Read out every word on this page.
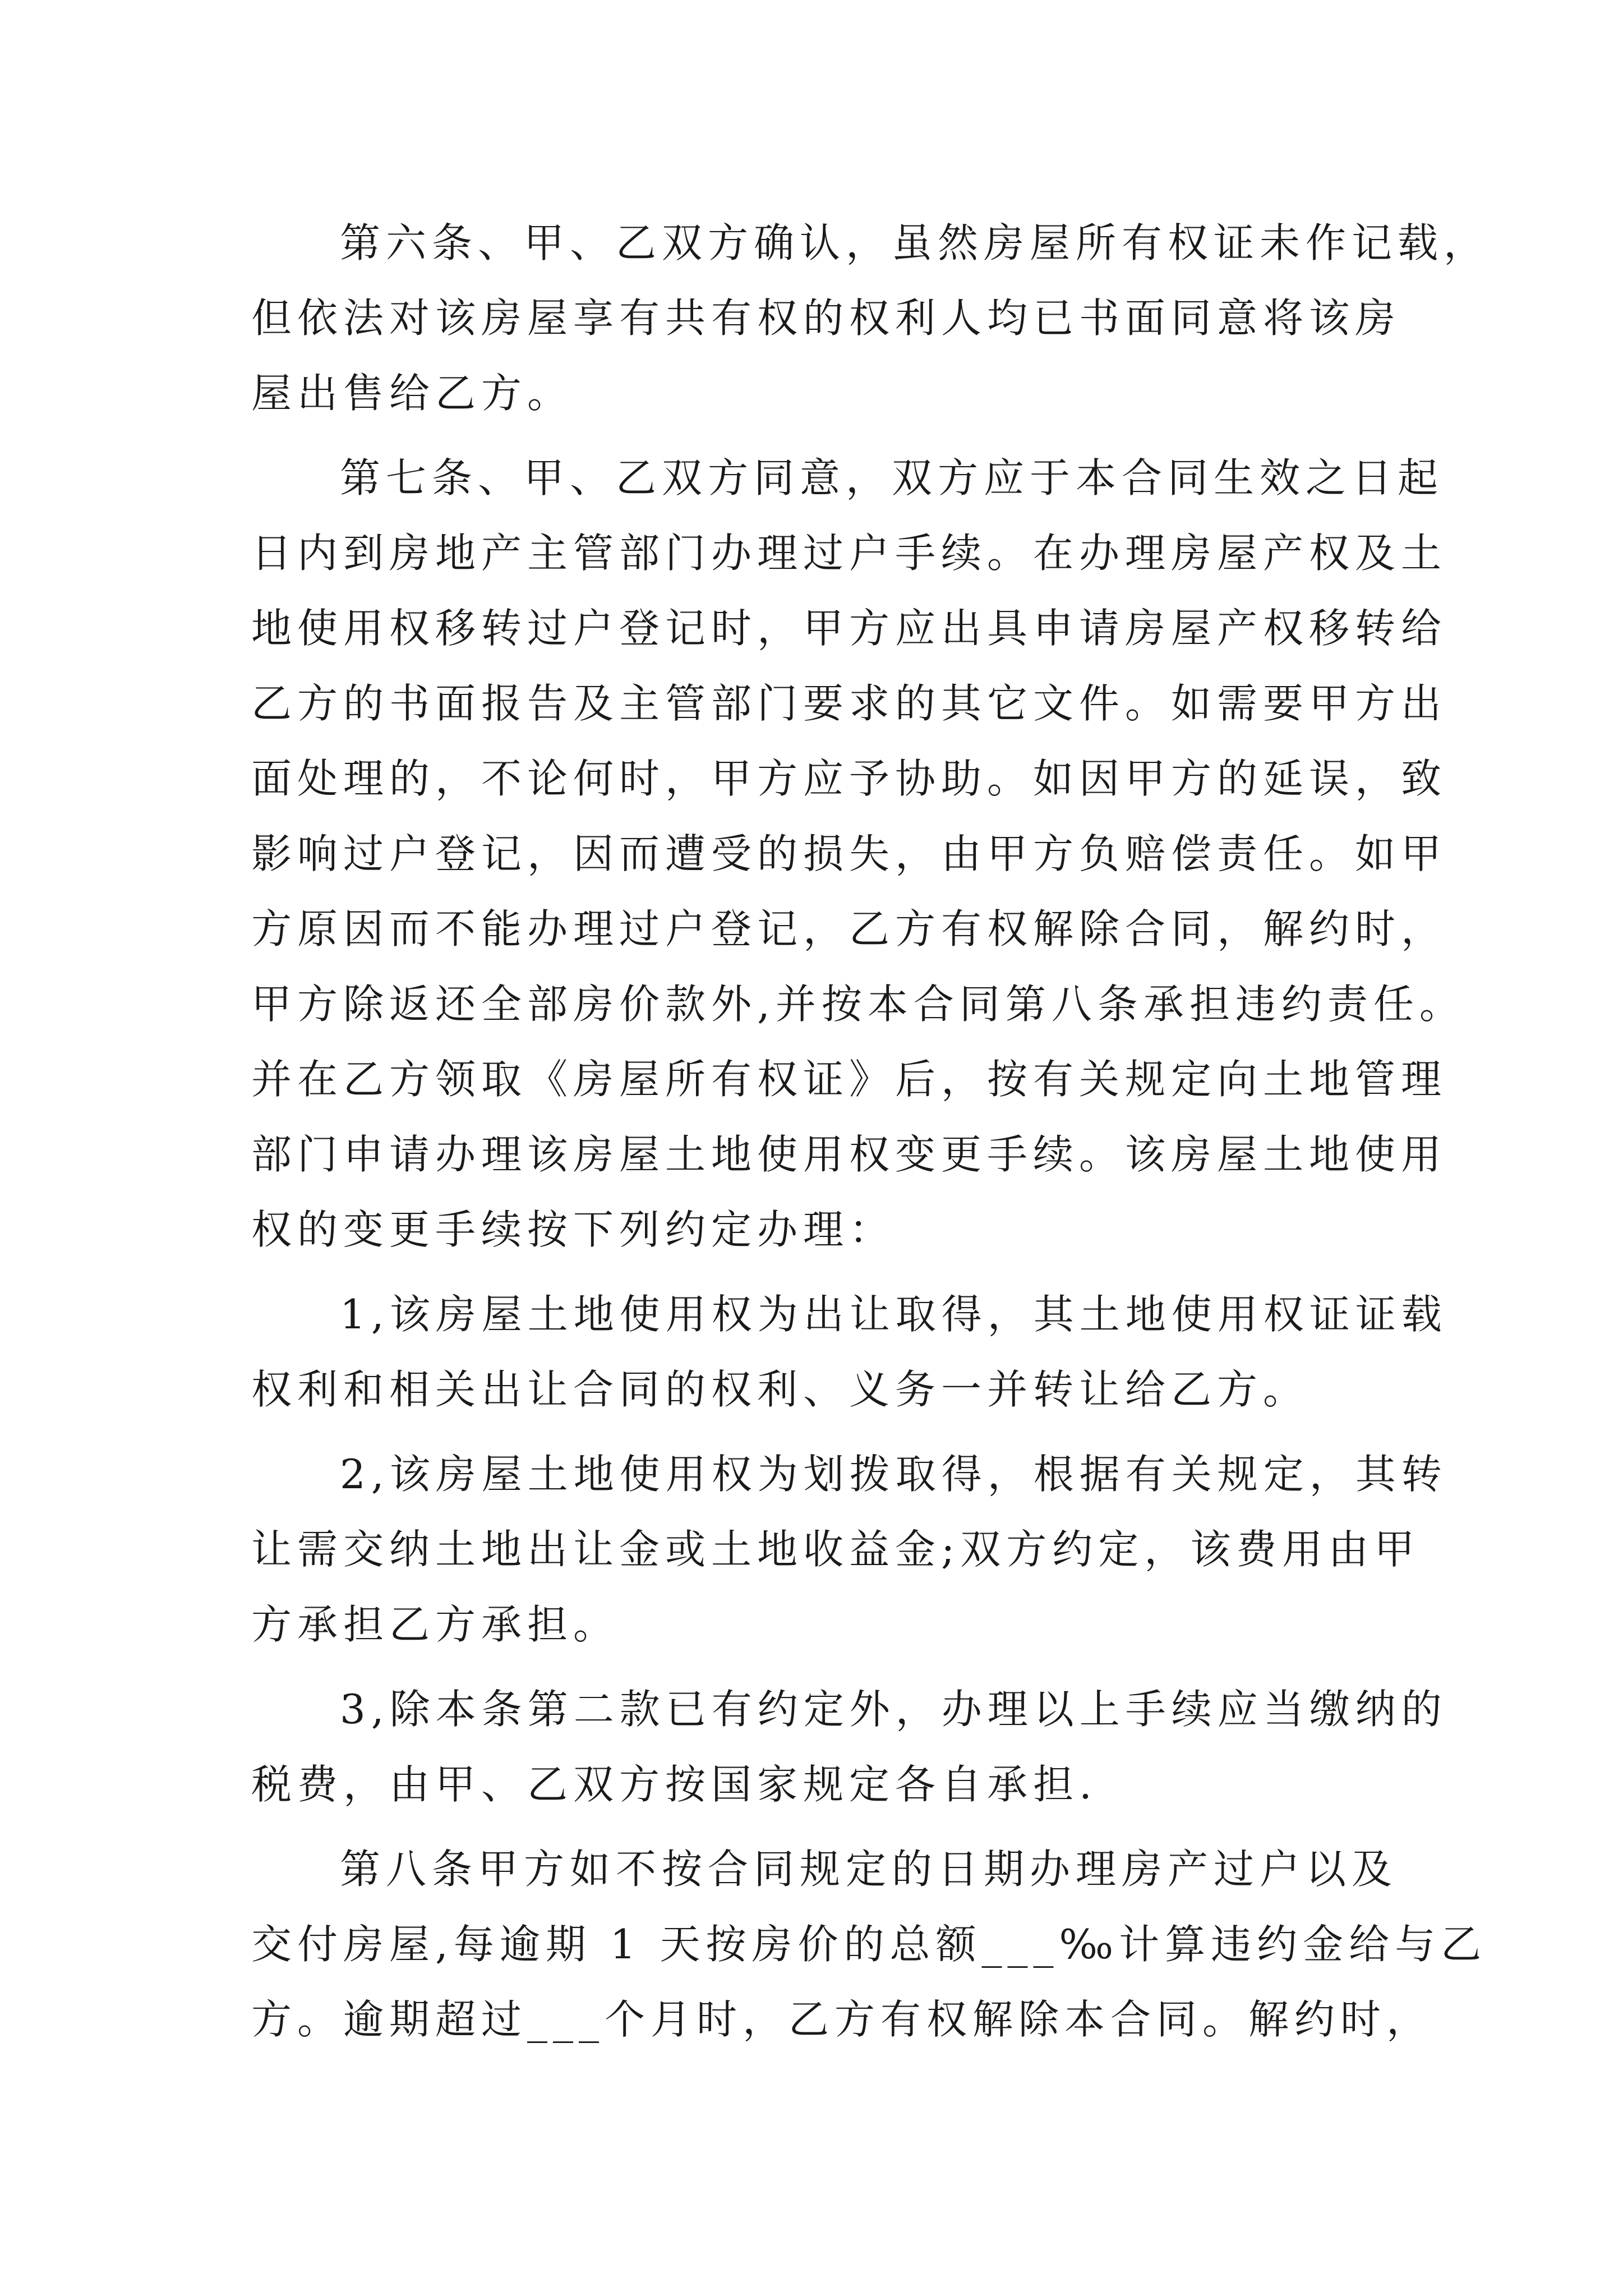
第六条、甲、乙双方确认，虽然房屋所有权证未作记载，
但依法对该房屋享有共有权的权利人均已书面同意将该房
屋出售给乙方。
第七条、甲、乙双方同意，双方应于本合同生效之日起
日内到房地产主管部门办理过户手续。在办理房屋产权及土
地使用权移转过户登记时，甲方应出具申请房屋产权移转给
乙方的书面报告及主管部门要求的其它文件。如需要甲方出
面处理的，不论何时，甲方应予协助。如因甲方的延误，致
影响过户登记，因而遭受的损失，由甲方负赔偿责任。如甲
方原因而不能办理过户登记，乙方有权解除合同，解约时，
甲方除返还全部房价款外,并按本合同第八条承担违约责任。
并在乙方领取《房屋所有权证》后，按有关规定向土地管理
部门申请办理该房屋土地使用权变更手续。该房屋土地使用
权的变更手续按下列约定办理：
1,该房屋土地使用权为出让取得，其土地使用权证证载
权利和相关出让合同的权利、义务一并转让给乙方。
2,该房屋土地使用权为划拨取得，根据有关规定，其转
让需交纳土地出让金或土地收益金;双方约定，该费用由甲
方承担乙方承担。
3,除本条第二款已有约定外，办理以上手续应当缴纳的
税费，由甲、乙双方按国家规定各自承担.
第八条甲方如不按合同规定的日期办理房产过户以及
交付房屋,每逾期 1 天按房价的总额___‰计算违约金给与乙
方。逾期超过___个月时，乙方有权解除本合同。解约时，
